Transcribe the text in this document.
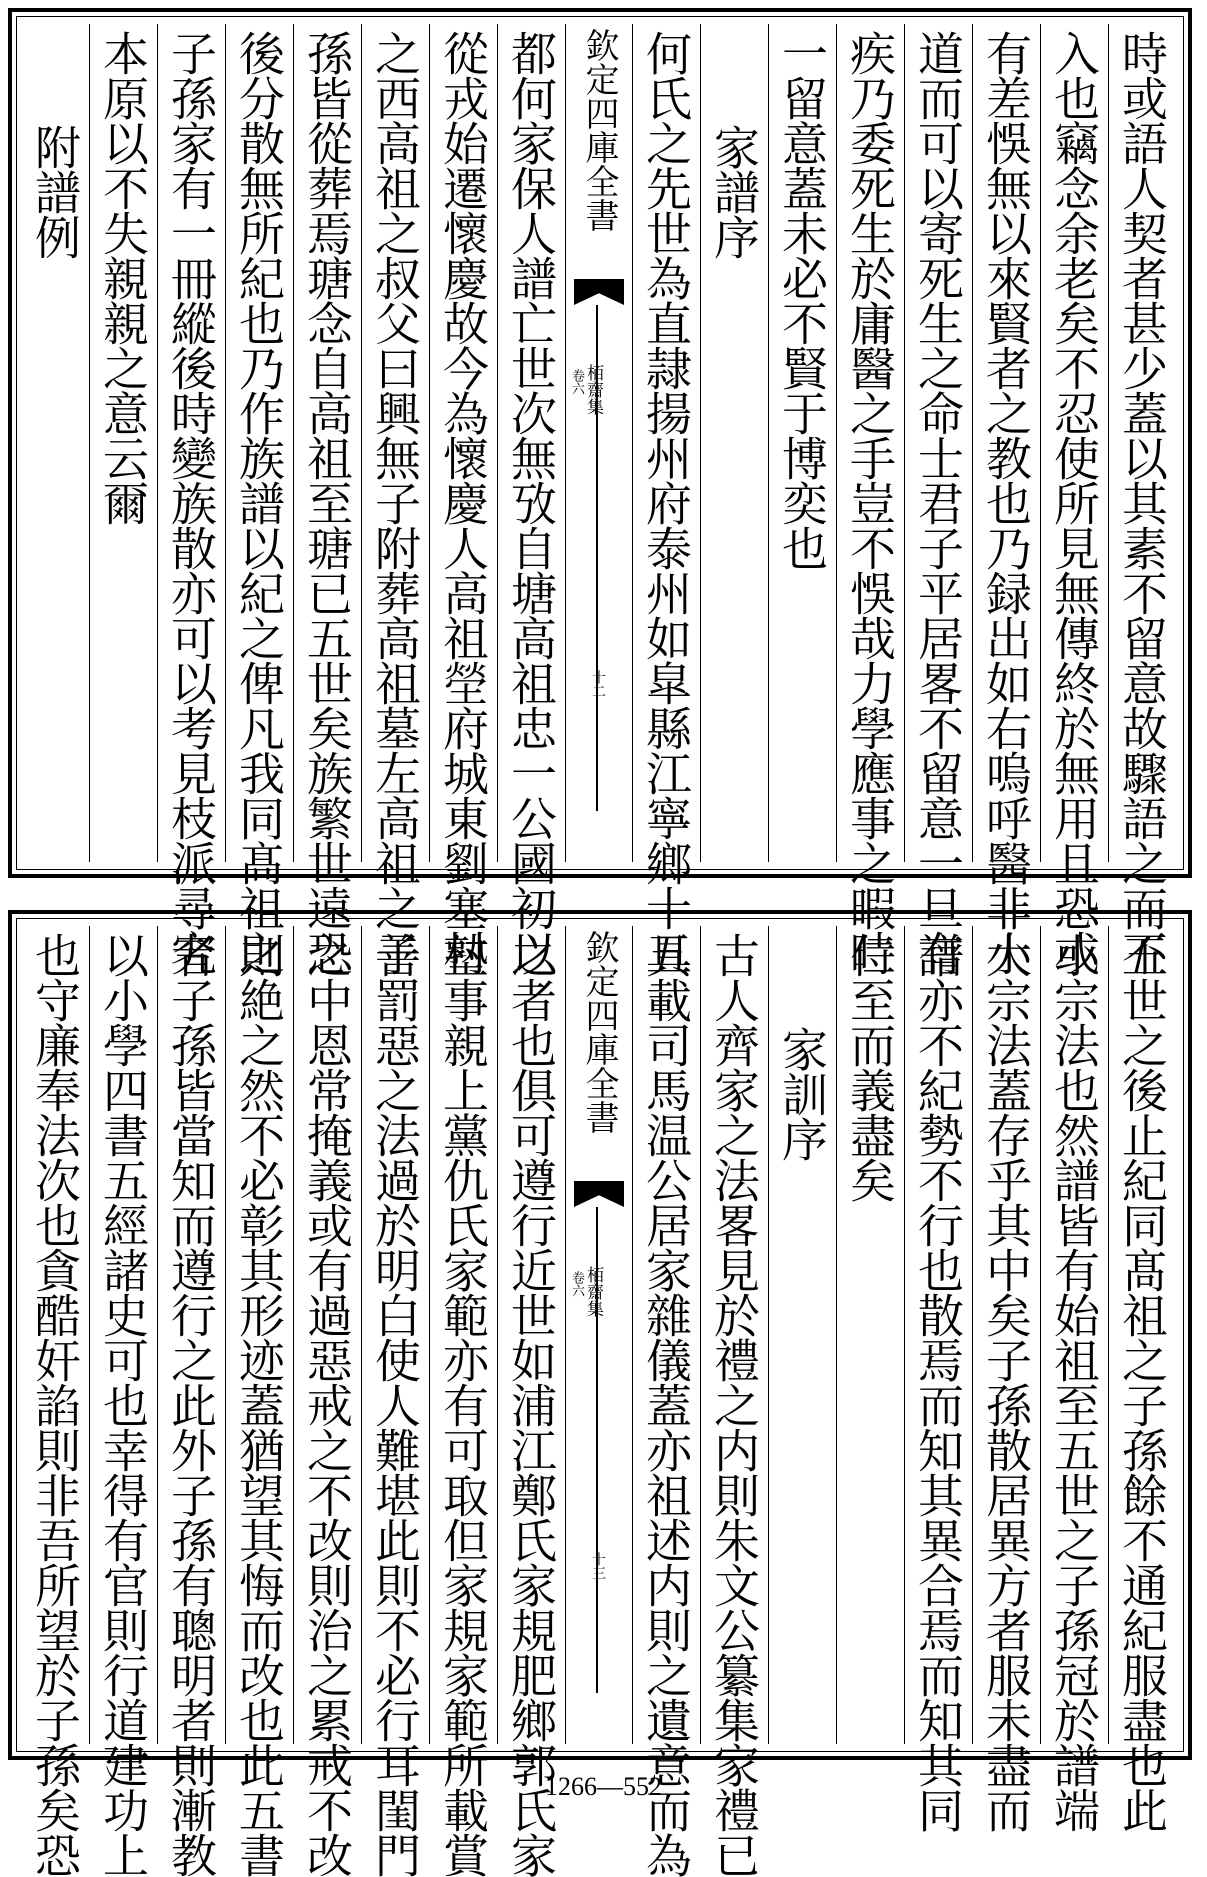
時或語人契者甚少蓋以其素不留意故驟語之而不
入也竊念余老矣不忍使所見無傳終於無用且恐或
有差悞無以來賢者之教也乃録出如右嗚呼醫非小
道而可以寄死生之命士君子平居畧不留意一旦有
疾乃委死生於庸醫之手豈不悞哉力學應事之暇時
一留意蓋未必不賢于博奕也
家譜序
何氏之先世為直隷揚州府泰州如皐縣江寧鄉十五
欽定四庫全書
栢齋集
卷六
十二
都何家保人譜亡世次無攷自塘高祖忠一公國初以
從戎始遷懷慶故今為懷慶人高祖塋府城東劉塞村
之西高祖之叔父曰興無子附葬高祖墓左高祖之子
孫皆從葬焉瑭念自高祖至瑭已五世矣族繁世遠恐
後分散無所紀也乃作族譜以紀之俾凡我同髙祖之
子孫家有一冊縱後時變族散亦可以考見枝派尋究
本原以不失親親之意云爾
附譜例
五世之後止紀同髙祖之子孫餘不通紀服盡也此
小宗法也然譜皆有始祖至五世之子孫冠於譜端
大宗法蓋存乎其中矣子孫散居異方者服未盡而
譜亦不紀勢不行也散焉而知其異合焉而知其同
仁至而義盡矣
家訓序
古人齊家之法畧見於禮之内則朱文公纂集家禮已
具載司馬温公居家雜儀蓋亦祖述内則之遺意而為
欽定四庫全書
栢齋集
卷六
十三
之者也俱可遵行近世如浦江鄭氏家規肥鄉郭氏家
塾事親上黨仇氏家範亦有可取但家規家範所載賞
善罰惡之法過於明白使人難堪此則不必行耳閨門
之中恩常掩義或有過惡戒之不改則治之累戒不改
則絶之然不必彰其形迹蓋猶望其悔而改也此五書
者子孫皆當知而遵行之此外子孫有聰明者則漸教
以小學四書五經諸史可也幸得有官則行道建功上
也守廉奉法次也貪酷奸諂則非吾所望於子孫矣恐	1266—552
